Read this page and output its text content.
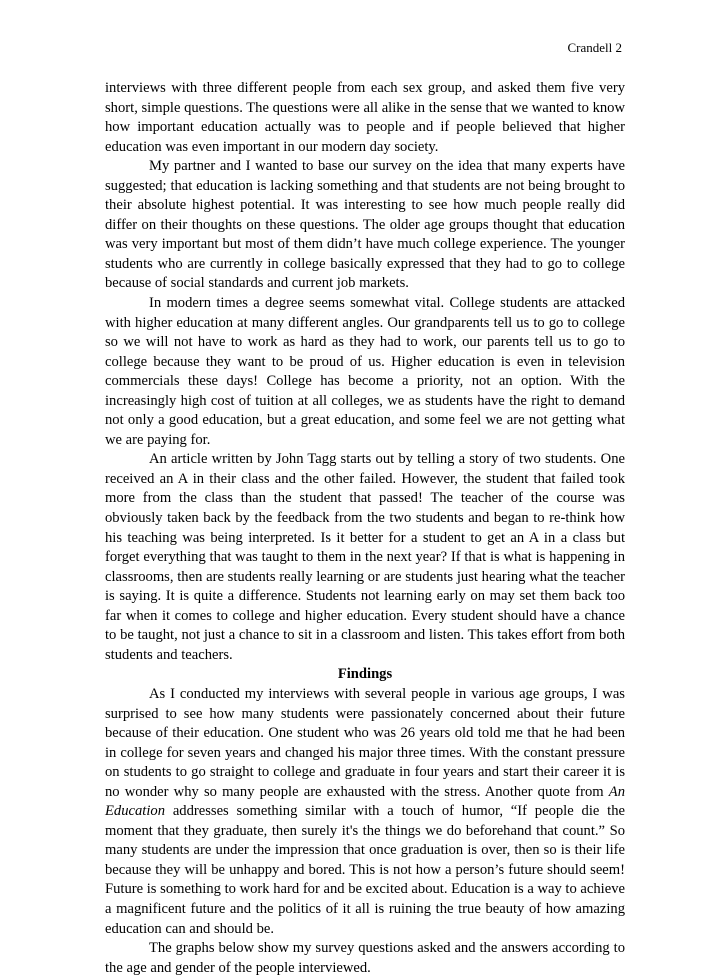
Crandell 2

interviews with three different people from each sex group, and asked them five very short, simple questions. The questions were all alike in the sense that we wanted to know how important education actually was to people and if people believed that higher education was even important in our modern day society.

My partner and I wanted to base our survey on the idea that many experts have suggested; that education is lacking something and that students are not being brought to their absolute highest potential. It was interesting to see how much people really did differ on their thoughts on these questions. The older age groups thought that education was very important but most of them didn’t have much college experience. The younger students who are currently in college basically expressed that they had to go to college because of social standards and current job markets.

In modern times a degree seems somewhat vital. College students are attacked with higher education at many different angles. Our grandparents tell us to go to college so we will not have to work as hard as they had to work, our parents tell us to go to college because they want to be proud of us. Higher education is even in television commercials these days! College has become a priority, not an option. With the increasingly high cost of tuition at all colleges, we as students have the right to demand not only a good education, but a great education, and some feel we are not getting what we are paying for.

An article written by John Tagg starts out by telling a story of two students. One received an A in their class and the other failed. However, the student that failed took more from the class than the student that passed! The teacher of the course was obviously taken back by the feedback from the two students and began to re-think how his teaching was being interpreted. Is it better for a student to get an A in a class but forget everything that was taught to them in the next year? If that is what is happening in classrooms, then are students really learning or are students just hearing what the teacher is saying. It is quite a difference. Students not learning early on may set them back too far when it comes to college and higher education. Every student should have a chance to be taught, not just a chance to sit in a classroom and listen. This takes effort from both students and teachers.

Findings

As I conducted my interviews with several people in various age groups, I was surprised to see how many students were passionately concerned about their future because of their education. One student who was 26 years old told me that he had been in college for seven years and changed his major three times. With the constant pressure on students to go straight to college and graduate in four years and start their career it is no wonder why so many people are exhausted with the stress. Another quote from An Education addresses something similar with a touch of humor, “If people die the moment that they graduate, then surely it's the things we do beforehand that count.” So many students are under the impression that once graduation is over, then so is their life because they will be unhappy and bored. This is not how a person’s future should seem! Future is something to work hard for and be excited about. Education is a way to achieve a magnificent future and the politics of it all is ruining the true beauty of how amazing education can and should be.

The graphs below show my survey questions asked and the answers according to the age and gender of the people interviewed.
